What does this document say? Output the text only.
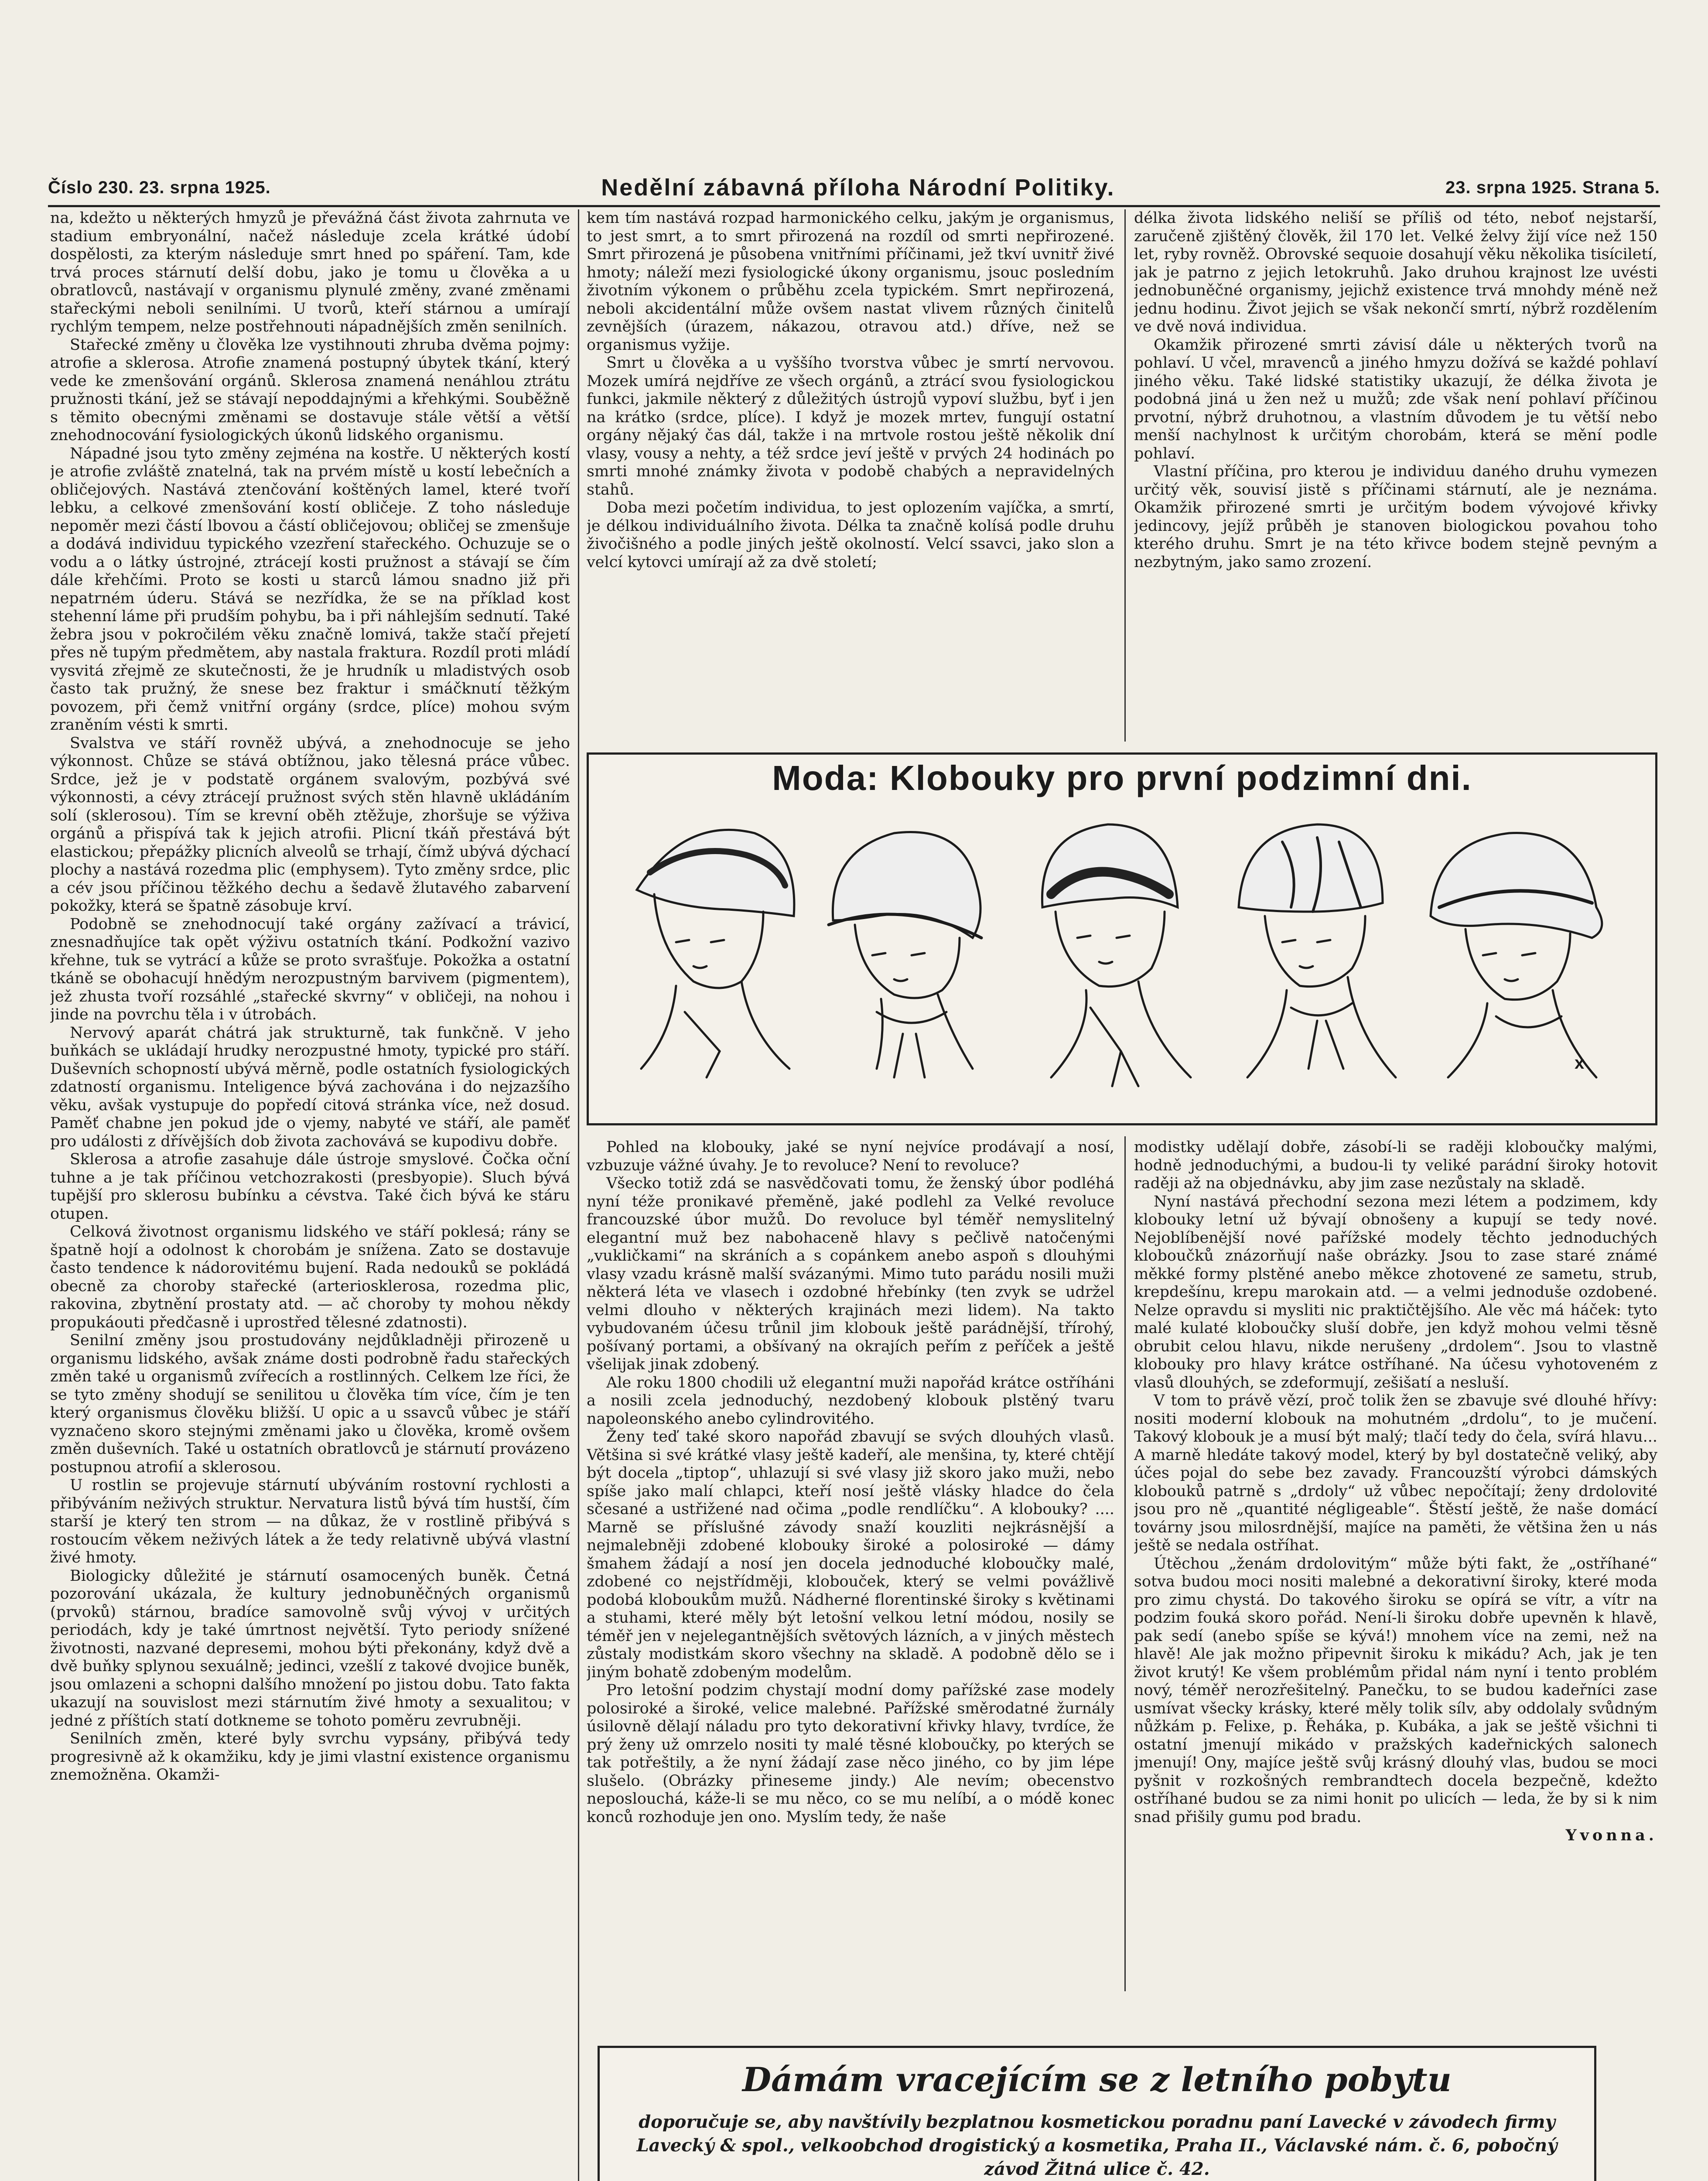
Číslo 230. 23. srpna 1925.	Nedělní zábavná příloha Národní Politiky.	23. srpna 1925. Strana 5.

na, kdežto u některých hmyzů je převážná část života zahrnuta ve stadium embryonální, načež následuje zcela krátké údobí dospělosti, za kterým následuje smrt hned po spáření. Tam, kde trvá proces stárnutí delší dobu, jako je tomu u člověka a u obratlovců, nastávají v organismu plynulé změny, zvané změnami stařeckými neboli senilními. U tvorů, kteří stárnou a umírají rychlým tempem, nelze postřehnouti nápadnějších změn senilních.

Stařecké změny u člověka lze vystihnouti zhruba dvěma pojmy: atrofie a sklerosa. Atrofie znamená postupný úbytek tkání, který vede ke zmenšování orgánů. Sklerosa znamená nenáhlou ztrátu pružnosti tkání, jež se stávají nepoddajnými a křehkými. Souběžně s těmito obecnými změnami se dostavuje stále větší a větší znehodnocování fysiologických úkonů lidského organismu.

Nápadné jsou tyto změny zejména na kostře. U některých kostí je atrofie zvláště znatelná, tak na prvém místě u kostí lebečních a obličejových. Nastává ztenčování koštěných lamel, které tvoří lebku, a celkové zmenšování kostí obličeje. Z toho následuje nepoměr mezi částí lbovou a částí obličejovou; obličej se zmenšuje a dodává individuu typického vzezření stařeckého. Ochuzuje se o vodu a o látky ústrojné, ztrácejí kosti pružnost a stávají se čím dále křehčími. Proto se kosti u starců lámou snadno již při nepatrném úderu. Stává se nezřídka, že se na příklad kost stehenní láme při prudším pohybu, ba i při náhlejším sednutí. Také žebra jsou v pokročilém věku značně lomivá, takže stačí přejetí přes ně tupým předmětem, aby nastala fraktura. Rozdíl proti mládí vysvitá zřejmě ze skutečnosti, že je hrudník u mladistvých osob často tak pružný, že snese bez fraktur i smáčknutí těžkým povozem, při čemž vnitřní orgány (srdce, plíce) mohou svým zraněním vésti k smrti.

Svalstva ve stáří rovněž ubývá, a znehodnocuje se jeho výkonnost. Chůze se stává obtížnou, jako tělesná práce vůbec. Srdce, jež je v podstatě orgánem svalovým, pozbývá své výkonnosti, a cévy ztrácejí pružnost svých stěn hlavně ukládáním solí (sklerosou). Tím se krevní oběh ztěžuje, zhoršuje se výživa orgánů a přispívá tak k jejich atrofii. Plicní tkáň přestává být elastickou; přepážky plicních alveolů se trhají, čímž ubývá dýchací plochy a nastává rozedma plic (emphysem). Tyto změny srdce, plic a cév jsou příčinou těžkého dechu a šedavě žlutavého zabarvení pokožky, která se špatně zásobuje krví.

Podobně se znehodnocují také orgány zažívací a trávicí, znesnadňujíce tak opět výživu ostatních tkání. Podkožní vazivo křehne, tuk se vytrácí a kůže se proto svrašťuje. Pokožka a ostatní tkáně se obohacují hnědým nerozpustným barvivem (pigmentem), jež zhusta tvoří rozsáhlé „stařecké skvrny“ v obličeji, na nohou i jinde na povrchu těla i v útrobách.

Nervový aparát chátrá jak strukturně, tak funkčně. V jeho buňkách se ukládají hrudky nerozpustné hmoty, typické pro stáří. Duševních schopností ubývá měrně, podle ostatních fysiologických zdatností organismu. Inteligence bývá zachována i do nejzazšího věku, avšak vystupuje do popředí citová stránka více, než dosud. Paměť chabne jen pokud jde o vjemy, nabyté ve stáří, ale paměť pro události z dřívějších dob života zachovává se kupodivu dobře.

Sklerosa a atrofie zasahuje dále ústroje smyslové. Čočka oční tuhne a je tak příčinou vetchozrakosti (presbyopie). Sluch bývá tupější pro sklerosu bubínku a cévstva. Také čich bývá ke stáru otupen.

Celková životnost organismu lidského ve stáří poklesá; rány se špatně hojí a odolnost k chorobám je snížena. Zato se dostavuje často tendence k nádorovitému bujení. Rada nedouků se pokládá obecně za choroby stařecké (arteriosklerosa, rozedma plic, rakovina, zbytnění prostaty atd. — ač choroby ty mohou někdy propukáouti předčasně i uprostřed tělesné zdatnosti).

Senilní změny jsou prostudovány nejdůkladněji přirozeně u organismu lidského, avšak známe dosti podrobně řadu stařeckých změn také u organismů zvířecích a rostlinných. Celkem lze říci, že se tyto změny shodují se senilitou u člověka tím více, čím je ten který organismus člověku bližší. U opic a u ssavců vůbec je stáří vyznačeno skoro stejnými změnami jako u člověka, kromě ovšem změn duševních. Také u ostatních obratlovců je stárnutí provázeno postupnou atrofií a sklerosou.

U rostlin se projevuje stárnutí ubýváním rostovní rychlosti a přibýváním neživých struktur. Nervatura listů bývá tím hustší, čím starší je který ten strom — na důkaz, že v rostlině přibývá s rostoucím věkem neživých látek a že tedy relativně ubývá vlastní živé hmoty.

Biologicky důležité je stárnutí osamocených buněk. Četná pozorování ukázala, že kultury jednobuněčných organismů (prvoků) stárnou, bradíce samovolně svůj vývoj v určitých periodách, kdy je také úmrtnost největší. Tyto periody snížené životnosti, nazvané depresemi, mohou býti překonány, když dvě a dvě buňky splynou sexuálně; jedinci, vzešlí z takové dvojice buněk, jsou omlazeni a schopni dalšího množení po jistou dobu. Tato fakta ukazují na souvislost mezi stárnutím živé hmoty a sexualitou; v jedné z příštích statí dotkneme se tohoto poměru zevrubněji.

Senilních změn, které byly svrchu vypsány, přibývá tedy progresivně až k okamžiku, kdy je jimi vlastní existence organismu znemožněna. Okamži-

kem tím nastává rozpad harmonického celku, jakým je organismus, to jest smrt, a to smrt přirozená na rozdíl od smrti nepřirozené. Smrt přirozená je působena vnitřními příčinami, jež tkví uvnitř živé hmoty; náleží mezi fysiologické úkony organismu, jsouc posledním životním výkonem o průběhu zcela typickém. Smrt nepřirozená, neboli akcidentální může ovšem nastat vlivem různých činitelů zevnějších (úrazem, nákazou, otravou atd.) dříve, než se organismus vyžije.

Smrt u člověka a u vyššího tvorstva vůbec je smrtí nervovou. Mozek umírá nejdříve ze všech orgánů, a ztrácí svou fysiologickou funkci, jakmile některý z důležitých ústrojů vypoví službu, byť i jen na krátko (srdce, plíce). I když je mozek mrtev, fungují ostatní orgány nějaký čas dál, takže i na mrtvole rostou ještě několik dní vlasy, vousy a nehty, a též srdce jeví ještě v prvých 24 hodinách po smrti mnohé známky života v podobě chabých a nepravidelných stahů.

Doba mezi početím individua, to jest oplozením vajíčka, a smrtí, je délkou individuálního života. Délka ta značně kolísá podle druhu živočišného a podle jiných ještě okolností. Velcí ssavci, jako slon a velcí kytovci umírají až za dvě století;

délka života lidského neliší se příliš od této, neboť nejstarší, zaručeně zjištěný člověk, žil 170 let. Velké želvy žijí více než 150 let, ryby rovněž. Obrovské sequoie dosahují věku několika tisíciletí, jak je patrno z jejich letokruhů. Jako druhou krajnost lze uvésti jednobuněčné organismy, jejichž existence trvá mnohdy méně než jednu hodinu. Život jejich se však nekončí smrtí, nýbrž rozdělením ve dvě nová individua.

Okamžik přirozené smrti závisí dále u některých tvorů na pohlaví. U včel, mravenců a jiného hmyzu dožívá se každé pohlaví jiného věku. Také lidské statistiky ukazují, že délka života je podobná jiná u žen než u mužů; zde však není pohlaví příčinou prvotní, nýbrž druhotnou, a vlastním důvodem je tu větší nebo menší nachylnost k určitým chorobám, která se mění podle pohlaví.

Vlastní příčina, pro kterou je individuu daného druhu vymezen určitý věk, souvisí jistě s příčinami stárnutí, ale je neznáma. Okamžik přirozené smrti je určitým bodem vývojové křivky jedincovy, jejíž průběh je stanoven biologickou povahou toho kterého druhu. Smrt je na této křivce bodem stejně pevným a nezbytným, jako samo zrození.

Moda: Klobouky pro první podzimní dni.
x

Pohled na klobouky, jaké se nyní nejvíce prodávají a nosí, vzbuzuje vážné úvahy. Je to revoluce? Není to revoluce?

Všecko totiž zdá se nasvědčovati tomu, že ženský úbor podléhá nyní téže pronikavé přeměně, jaké podlehl za Velké revoluce francouzské úbor mužů. Do revoluce byl téměř nemyslitelný elegantní muž bez nabohaceně hlavy s pečlivě natočenými „vukličkami“ na skráních a s copánkem anebo aspoň s dlouhými vlasy vzadu krásně malší svázanými. Mimo tuto parádu nosili muži některá léta ve vlasech i ozdobné hřebínky (ten zvyk se udržel velmi dlouho v některých krajinách mezi lidem). Na takto vybudovaném účesu trůnil jim klobouk ještě parádnější, třírohý, pošívaný portami, a obšívaný na okrajích peřím z peříček a ještě všelijak jinak zdobený.

Ale roku 1800 chodili už elegantní muži napořád krátce ostříháni a nosili zcela jednoduchý, nezdobený klobouk plstěný tvaru napoleonského anebo cylindrovitého.

Ženy teď také skoro napořád zbavují se svých dlouhých vlasů. Většina si své krátké vlasy ještě kadeří, ale menšina, ty, které chtějí být docela „tiptop“, uhlazují si své vlasy již skoro jako muži, nebo spíše jako malí chlapci, kteří nosí ještě vlásky hladce do čela sčesané a ustřižené nad očima „podle rendlíčku“. A klobouky? .... Marně se příslušné závody snaží kouzliti nejkrásnější a nejmalebněji zdobené klobouky široké a polosiroké — dámy šmahem žádají a nosí jen docela jednoduché kloboučky malé, zdobené co nejstřídměji, klobouček, který se velmi povážlivě podobá kloboukům mužů. Nádherné florentinské široky s květinami a stuhami, které měly být letošní velkou letní módou, nosily se téměř jen v nejelegantnějších světových lázních, a v jiných městech zůstaly modistkám skoro všechny na skladě. A podobně dělo se i jiným bohatě zdobeným modelům.

Pro letošní podzim chystají modní domy pařížské zase modely polosiroké a široké, velice malebné. Pařížské směrodatné žurnály úsilovně dělají náladu pro tyto dekorativní křivky hlavy, tvrdíce, že prý ženy už omrzelo nositi ty malé těsné kloboučky, po kterých se tak potřeštily, a že nyní žádají zase něco jiného, co by jim lépe slušelo. (Obrázky přineseme jindy.) Ale nevím; obecenstvo neposlouchá, káže-li se mu něco, co se mu nelíbí, a o módě konec konců rozhoduje jen ono. Myslím tedy, že naše

modistky udělají dobře, zásobí-li se raději kloboučky malými, hodně jednoduchými, a budou-li ty veliké parádní široky hotovit raději až na objednávku, aby jim zase nezůstaly na skladě.

Nyní nastává přechodní sezona mezi létem a podzimem, kdy klobouky letní už bývají obnošeny a kupují se tedy nové. Nejoblíbenější nové pařížské modely těchto jednoduchých kloboučků znázorňují naše obrázky. Jsou to zase staré známé měkké formy plstěné anebo měkce zhotovené ze sametu, strub, krepdešínu, krepu marokain atd. — a velmi jednoduše ozdobené. Nelze opravdu si mysliti nic praktičtějšího. Ale věc má háček: tyto malé kulaté kloboučky sluší dobře, jen když mohou velmi těsně obrubit celou hlavu, nikde nerušeny „drdolem“. Jsou to vlastně klobouky pro hlavy krátce ostříhané. Na účesu vyhotoveném z vlasů dlouhých, se zdeformují, zešišatí a nesluší.

V tom to právě vězí, proč tolik žen se zbavuje své dlouhé hřívy: nositi moderní klobouk na mohutném „drdolu“, to je mučení. Takový klobouk je a musí být malý; tlačí tedy do čela, svírá hlavu... A marně hledáte takový model, který by byl dostatečně veliký, aby účes pojal do sebe bez zavady. Francouzští výrobci dámských klobouků patrně s „drdoly“ už vůbec nepočítají; ženy drdolovité jsou pro ně „quantité négligeable“. Štěstí ještě, že naše domácí továrny jsou milosrdnější, majíce na paměti, že většina žen u nás ještě se nedala ostříhat.

Útěchou „ženám drdolovitým“ může býti fakt, že „ostříhané“ sotva budou moci nositi malebné a dekorativní široky, které moda pro zimu chystá. Do takového široku se opírá se vítr, a vítr na podzim fouká skoro pořád. Není-li široku dobře upevněn k hlavě, pak sedí (anebo spíše se kývá!) mnohem více na zemi, než na hlavě! Ale jak možno připevnit široku k mikádu? Ach, jak je ten život krutý! Ke všem problémům přidal nám nyní i tento problém nový, téměř nerozřešitelný. Panečku, to se budou kadeřníci zase usmívat všecky krásky, které měly tolik sílv, aby oddolaly svůdným nůžkám p. Felixe, p. Řeháka, p. Kubáka, a jak se ještě všichni ti ostatní jmenují mikádo v pražských kadeřnických salonech jmenují! Ony, majíce ještě svůj krásný dlouhý vlas, budou se moci pyšnit v rozkošných rembrandtech docela bezpečně, kdežto ostříhané budou se za nimi honit po ulicích — leda, že by si k nim snad přišily gumu pod bradu.

Yvonna.

Dámám vracejícím se z letního pobytu
doporučuje se, aby navštívily bezplatnou kosmetickou poradnu paní Lavecké v závodech firmy Lavecký & spol., velkoobchod drogistický a kosmetika, Praha II., Václavské nám. č. 6, pobočný závod Žitná ulice č. 42.
